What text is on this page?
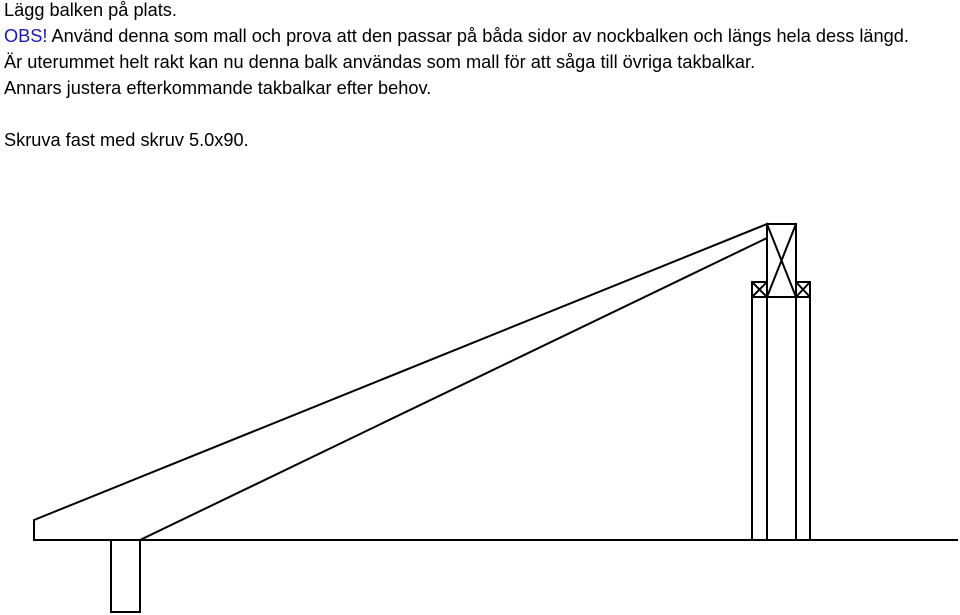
Lägg balken på plats.

OBS! Använd denna som mall och prova att den passar på båda sidor av nockbalken och längs hela dess längd.

Är uterummet helt rakt kan nu denna balk användas som mall för att såga till övriga takbalkar.

Annars justera efterkommande takbalkar efter behov.

Skruva fast med skruv 5.0x90.
